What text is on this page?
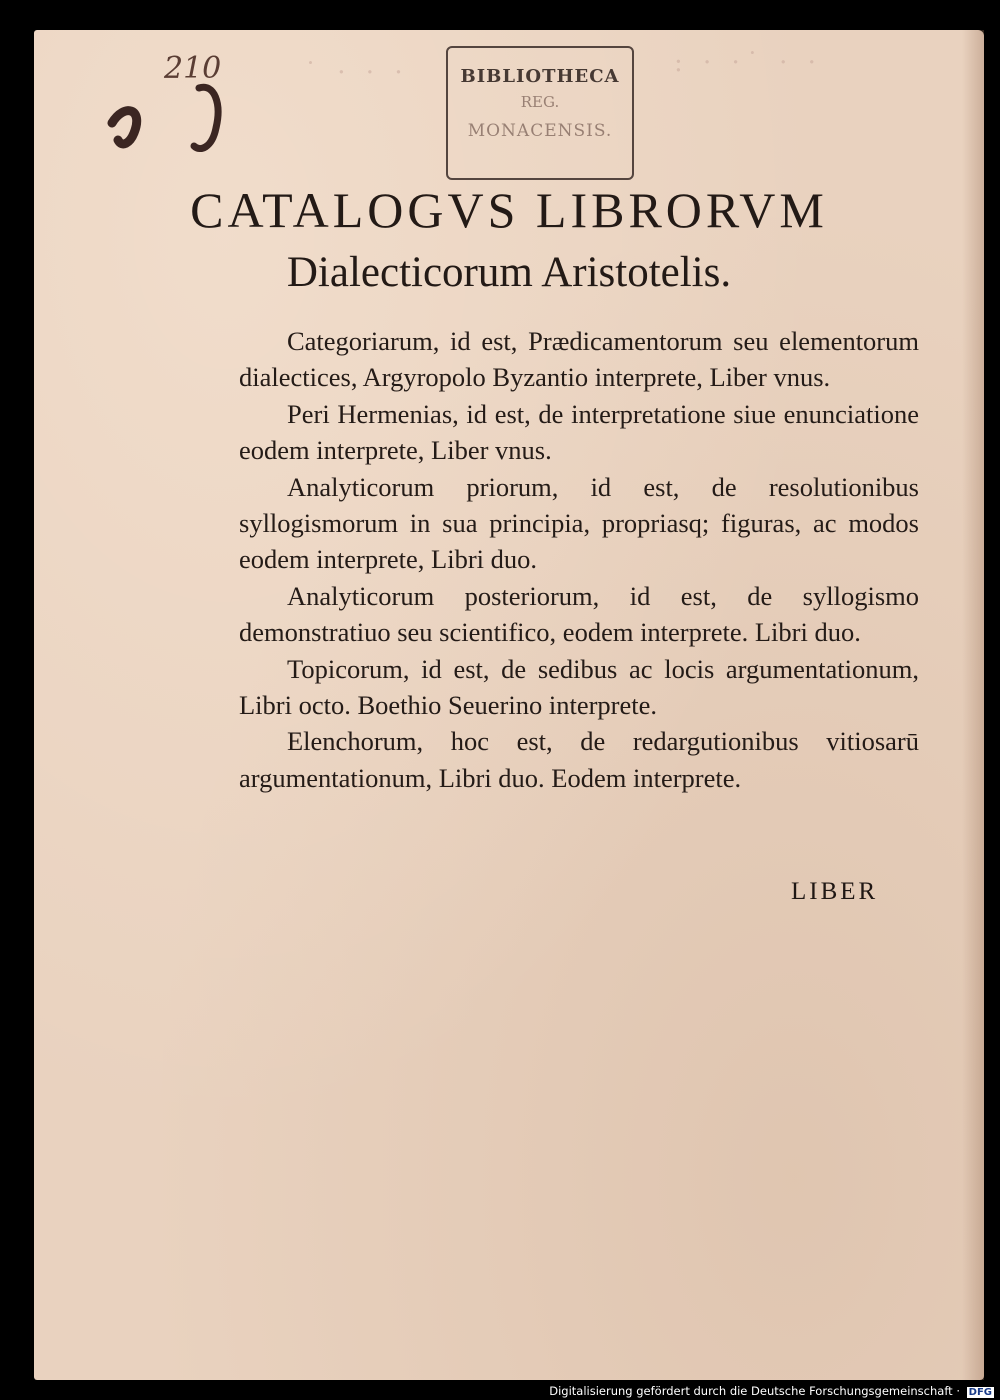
210	˙ · · ·	: · ·˙ · ·
BIBLIOTHECA
REG.
MONACENSIS.
CATALOGVS LIBRORVM
Dialecticorum Aristotelis.

Categoriarum, id est, Prædicamentorum seu elementorum dialectices, Argyropolo Byzantio interprete, Liber vnus.

Peri Hermenias, id est, de interpretatione siue enunciatione eodem interprete, Liber vnus.

Analyticorum priorum, id est, de resolutionibus syllogismorum in sua principia, propriasq; figuras, ac modos eodem interprete, Libri duo.

Analyticorum posteriorum, id est, de syllogismo demonstratiuo seu scientifico, eodem interprete. Libri duo.

Topicorum, id est, de sedibus ac locis argumentationum, Libri octo. Boethio Seuerino interprete.

Elenchorum, hoc est, de redargutionibus vitiosarū argumentationum, Libri duo. Eodem interprete.

LIBER
Digitalisierung gefördert durch die Deutsche Forschungsgemeinschaft · DFG
